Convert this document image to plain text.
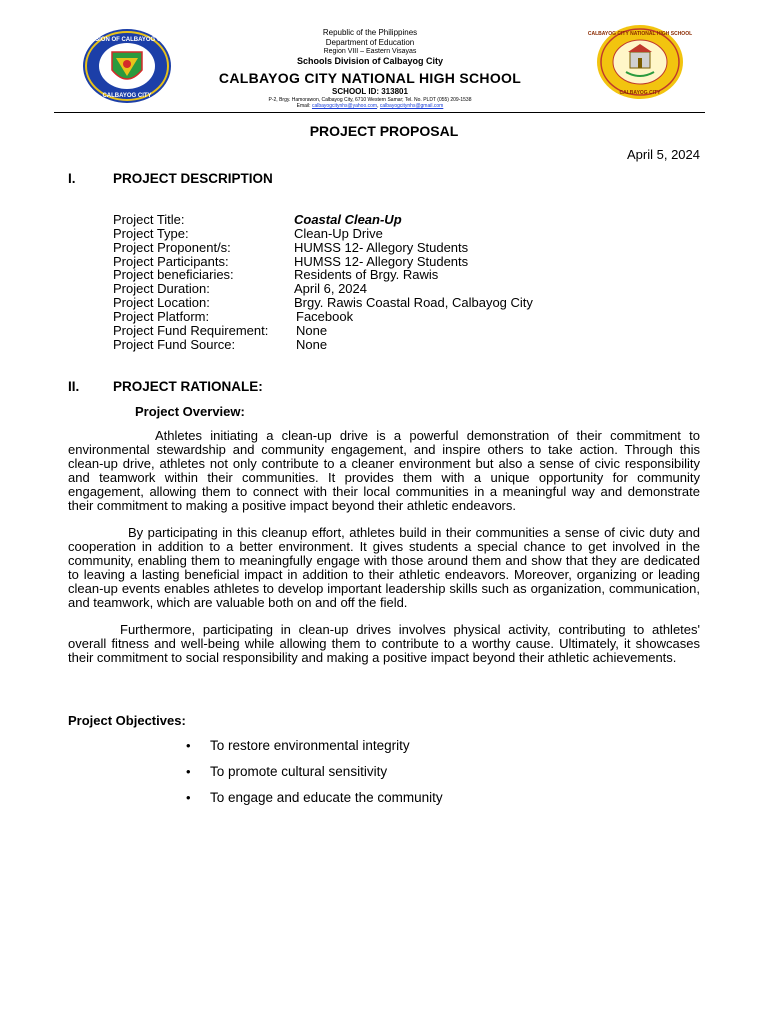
DIVISION OF CALBAYOG CITY
CALBAYOG CITY
CALBAYOG CITY NATIONAL HIGH SCHOOL
CALBAYOG CITY
Republic of the Philippines
Department of Education
Region VIII – Eastern Visayas
Schools Division of Calbayog City
CALBAYOG CITY NATIONAL HIGH SCHOOL
SCHOOL ID: 313801
P-2, Brgy. Hamorawon, Calbayog City, 6710 Western Samar; Tel. No. PLDT (055) 209-1538
Email: calbayogcitynhs@yahoo.com, calbayogcitynhs@gmail.com
PROJECT PROPOSAL
April 5, 2024
I.	PROJECT DESCRIPTION
Project Title:	Coastal Clean-Up
Project Type:	Clean-Up Drive
Project Proponent/s:	HUMSS 12- Allegory Students
Project Participants:	HUMSS 12- Allegory Students
Project beneficiaries:	Residents of Brgy. Rawis
Project Duration:	April 6, 2024
Project Location:	Brgy. Rawis Coastal Road, Calbayog City
Project Platform:	Facebook
Project Fund Requirement: None
Project Fund Source:	None
II. PROJECT RATIONALE:
Project Overview:
Athletes initiating a clean-up drive is a powerful demonstration of their commitment to environmental stewardship and community engagement, and inspire others to take action. Through this clean-up drive, athletes not only contribute to a cleaner environment but also a sense of civic responsibility and teamwork within their communities. It provides them with a unique opportunity for community engagement, allowing them to connect with their local communities in a meaningful way and demonstrate their commitment to making a positive impact beyond their athletic endeavors.
By participating in this cleanup effort, athletes build in their communities a sense of civic duty and cooperation in addition to a better environment. It gives students a special chance to get involved in the community, enabling them to meaningfully engage with those around them and show that they are dedicated to leaving a lasting beneficial impact in addition to their athletic endeavors. Moreover, organizing or leading clean-up events enables athletes to develop important leadership skills such as organization, communication, and teamwork, which are valuable both on and off the field.
Furthermore, participating in clean-up drives involves physical activity, contributing to athletes' overall fitness and well-being while allowing them to contribute to a worthy cause. Ultimately, it showcases their commitment to social responsibility and making a positive impact beyond their athletic achievements.
Project Objectives:
• To restore environmental integrity
• To promote cultural sensitivity
• To engage and educate the community
